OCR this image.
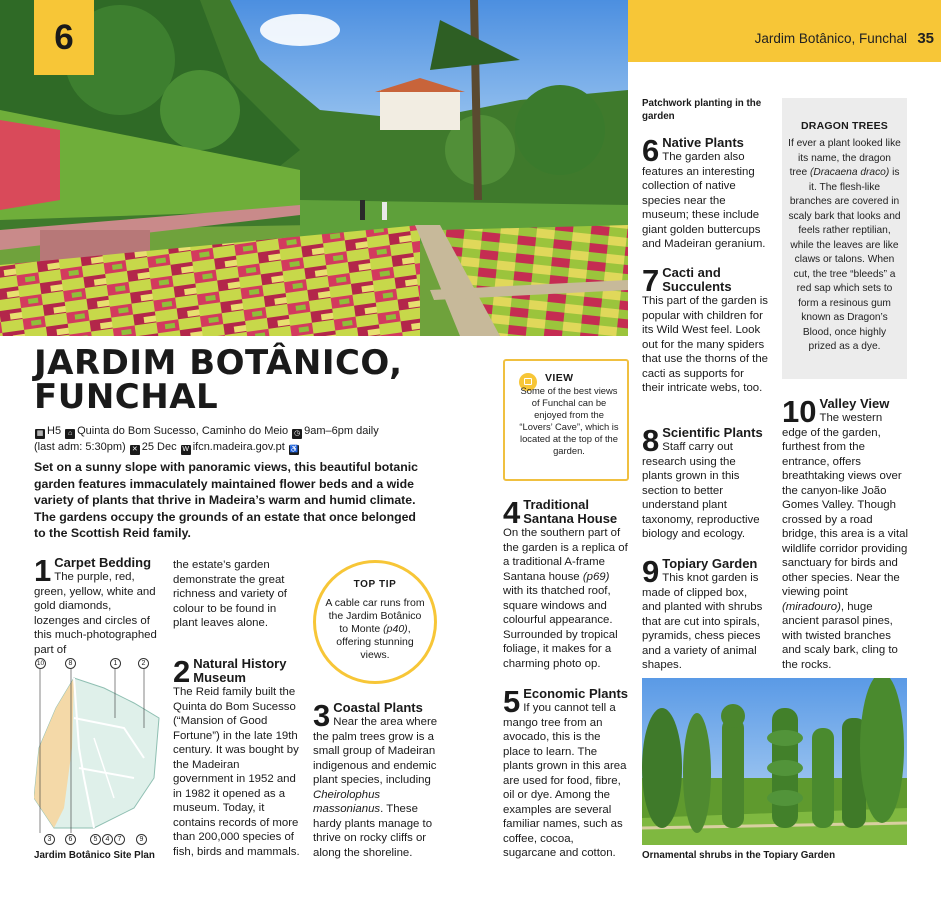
Jardim Botânico, Funchal 35
6
JARDIM BOTÂNICO,
FUNCHAL
▦ H5 ⌂ Quinta do Bom Sucesso, Caminho do Meio ◷ 9am–6pm daily
(last adm: 5:30pm) ✕ 25 Dec W ifcn.madeira.gov.pt ♿
Set on a sunny slope with panoramic views, this beautiful botanic garden features immaculately maintained flower beds and a wide variety of plants that thrive in Madeira’s warm and humid climate. The gardens occupy the grounds of an estate that once belonged to the Scottish Reid family.
1 Carpet Bedding
The purple, red, green, yellow, white and gold diamonds, lozenges and circles of this much-photographed part of
the estate’s garden demonstrate the great richness and variety of colour to be found in plant leaves alone.
10	8	1	2
3	6	5	4	7	9
Jardim Botânico Site Plan
2 Natural History Museum
The Reid family built the Quinta do Bom Sucesso (“Mansion of Good Fortune”) in the late 19th century. It was bought by the Madeiran government in 1952 and in 1982 it opened as a museum. Today, it contains records of more than 200,000 species of fish, birds and mammals.
TOP TIP
A cable car runs from the Jardim Botânico to Monte (p40), offering stunning views.
3 Coastal Plants
Near the area where the palm trees grow is a small group of Madeiran indigenous and endemic plant species, including Cheirolophus massonianus. These hardy plants manage to thrive on rocky cliffs or along the shoreline.
VIEW
Some of the best views of Funchal can be enjoyed from the “Lovers’ Cave”, which is located at the top of the garden.
4 Traditional Santana House
On the southern part of the garden is a replica of a traditional A-frame Santana house (p69) with its thatched roof, square windows and colourful appearance. Surrounded by tropical foliage, it makes for a charming photo op.
5 Economic Plants
If you cannot tell a mango tree from an avocado, this is the place to learn. The plants grown in this area are used for food, fibre, oil or dye. Among the examples are several familiar names, such as coffee, cocoa, sugarcane and cotton.
Patchwork planting in the garden
6 Native Plants
The garden also features an interesting collection of native species near the museum; these include giant golden buttercups and Madeiran geranium.
7 Cacti and Succulents
This part of the garden is popular with children for its Wild West feel. Look out for the many spiders that use the thorns of the cacti as supports for their intricate webs, too.
8 Scientific Plants
Staff carry out research using the plants grown in this section to better understand plant taxonomy, reproductive biology and ecology.
9 Topiary Garden
This knot garden is made of clipped box, and planted with shrubs that are cut into spirals, pyramids, chess pieces and a variety of animal shapes.
DRAGON TREES
If ever a plant looked like its name, the dragon tree (Dracaena draco) is it. The flesh-like branches are covered in scaly bark that looks and feels rather reptilian, while the leaves are like claws or talons. When cut, the tree “bleeds” a red sap which sets to form a resinous gum known as Dragon’s Blood, once highly prized as a dye.
10 Valley View
The western edge of the garden, furthest from the entrance, offers breathtaking views over the canyon-like João Gomes Valley. Though crossed by a road bridge, this area is a vital wildlife corridor providing sanctuary for birds and other species. Near the viewing point (miradouro), huge ancient parasol pines, with twisted branches and scaly bark, cling to the rocks.
Ornamental shrubs in the Topiary Garden
